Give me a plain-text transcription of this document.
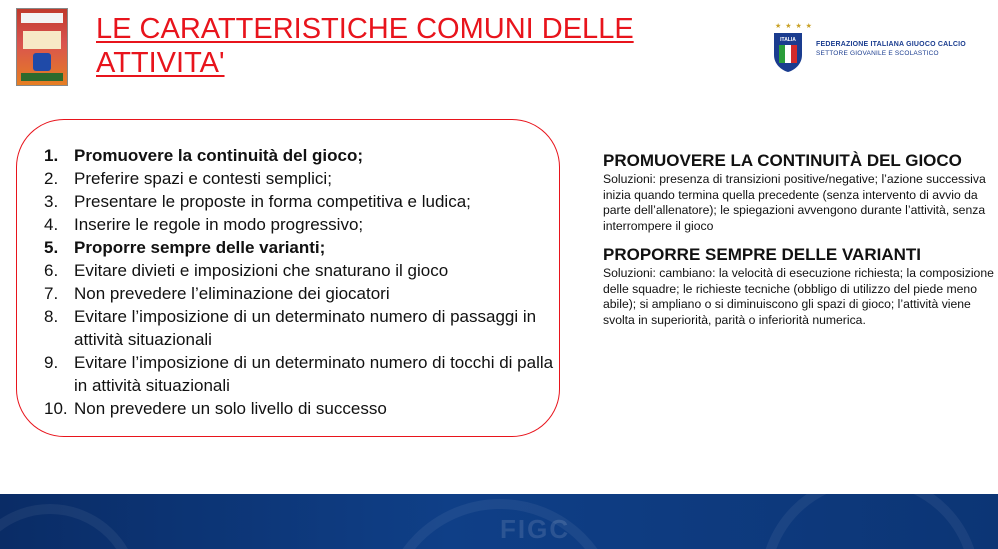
LE CARATTERISTICHE COMUNI DELLE ATTIVITA'
★ ★ ★ ★
ITALIA
FEDERAZIONE ITALIANA GIUOCO CALCIO
SETTORE GIOVANILE E SCOLASTICO
1. Promuovere la continuità del gioco;
2. Preferire spazi e contesti semplici;
3. Presentare le proposte in forma competitiva e ludica;
4. Inserire le regole in modo progressivo;
5. Proporre sempre delle varianti;
6. Evitare divieti e imposizioni che snaturano il gioco
7. Non prevedere l’eliminazione dei giocatori
8. Evitare l’imposizione di un determinato numero di passaggi in attività situazionali
9. Evitare l’imposizione di un determinato numero di tocchi di palla in attività situazionali
10. Non prevedere un solo livello di successo

PROMUOVERE LA CONTINUITÀ DEL GIOCO

Soluzioni: presenza di transizioni positive/negative; l’azione successiva inizia quando termina quella precedente (senza intervento di avvio da parte dell’allenatore); le spiegazioni avvengono durante l’attività, senza interrompere il gioco

PROPORRE SEMPRE DELLE VARIANTI

Soluzioni: cambiano: la velocità di esecuzione richiesta; la composizione delle squadre; le richieste tecniche (obbligo di utilizzo del piede meno abile); si ampliano o si diminuiscono gli spazi di gioco; l’attività viene svolta in superiorità, parità o inferiorità numerica.

FIGC
